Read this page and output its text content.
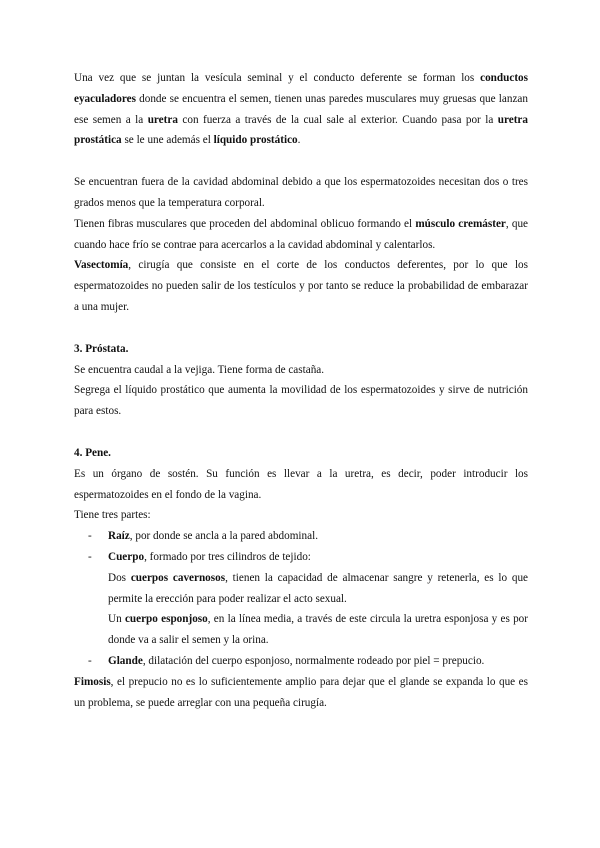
Una vez que se juntan la vesícula seminal y el conducto deferente se forman los conductos eyaculadores donde se encuentra el semen, tienen unas paredes musculares muy gruesas que lanzan ese semen a la uretra con fuerza a través de la cual sale al exterior. Cuando pasa por la uretra prostática se le une además el líquido prostático.

Se encuentran fuera de la cavidad abdominal debido a que los espermatozoides necesitan dos o tres grados menos que la temperatura corporal.

Tienen fibras musculares que proceden del abdominal oblicuo formando el músculo cremáster, que cuando hace frío se contrae para acercarlos a la cavidad abdominal y calentarlos.

Vasectomía, cirugía que consiste en el corte de los conductos deferentes, por lo que los espermatozoides no pueden salir de los testículos y por tanto se reduce la probabilidad de embarazar a una mujer.

3. Próstata.

Se encuentra caudal a la vejiga. Tiene forma de castaña.

Segrega el líquido prostático que aumenta la movilidad de los espermatozoides y sirve de nutrición para estos.

4. Pene.

Es un órgano de sostén. Su función es llevar a la uretra, es decir, poder introducir los espermatozoides en el fondo de la vagina.

Tiene tres partes:

- Raíz, por donde se ancla a la pared abdominal.
- Cuerpo, formado por tres cilindros de tejido:

Dos cuerpos cavernosos, tienen la capacidad de almacenar sangre y retenerla, es lo que permite la erección para poder realizar el acto sexual.

Un cuerpo esponjoso, en la línea media, a través de este circula la uretra esponjosa y es por donde va a salir el semen y la orina.

- Glande, dilatación del cuerpo esponjoso, normalmente rodeado por piel = prepucio.

Fimosis, el prepucio no es lo suficientemente amplio para dejar que el glande se expanda lo que es un problema, se puede arreglar con una pequeña cirugía.
